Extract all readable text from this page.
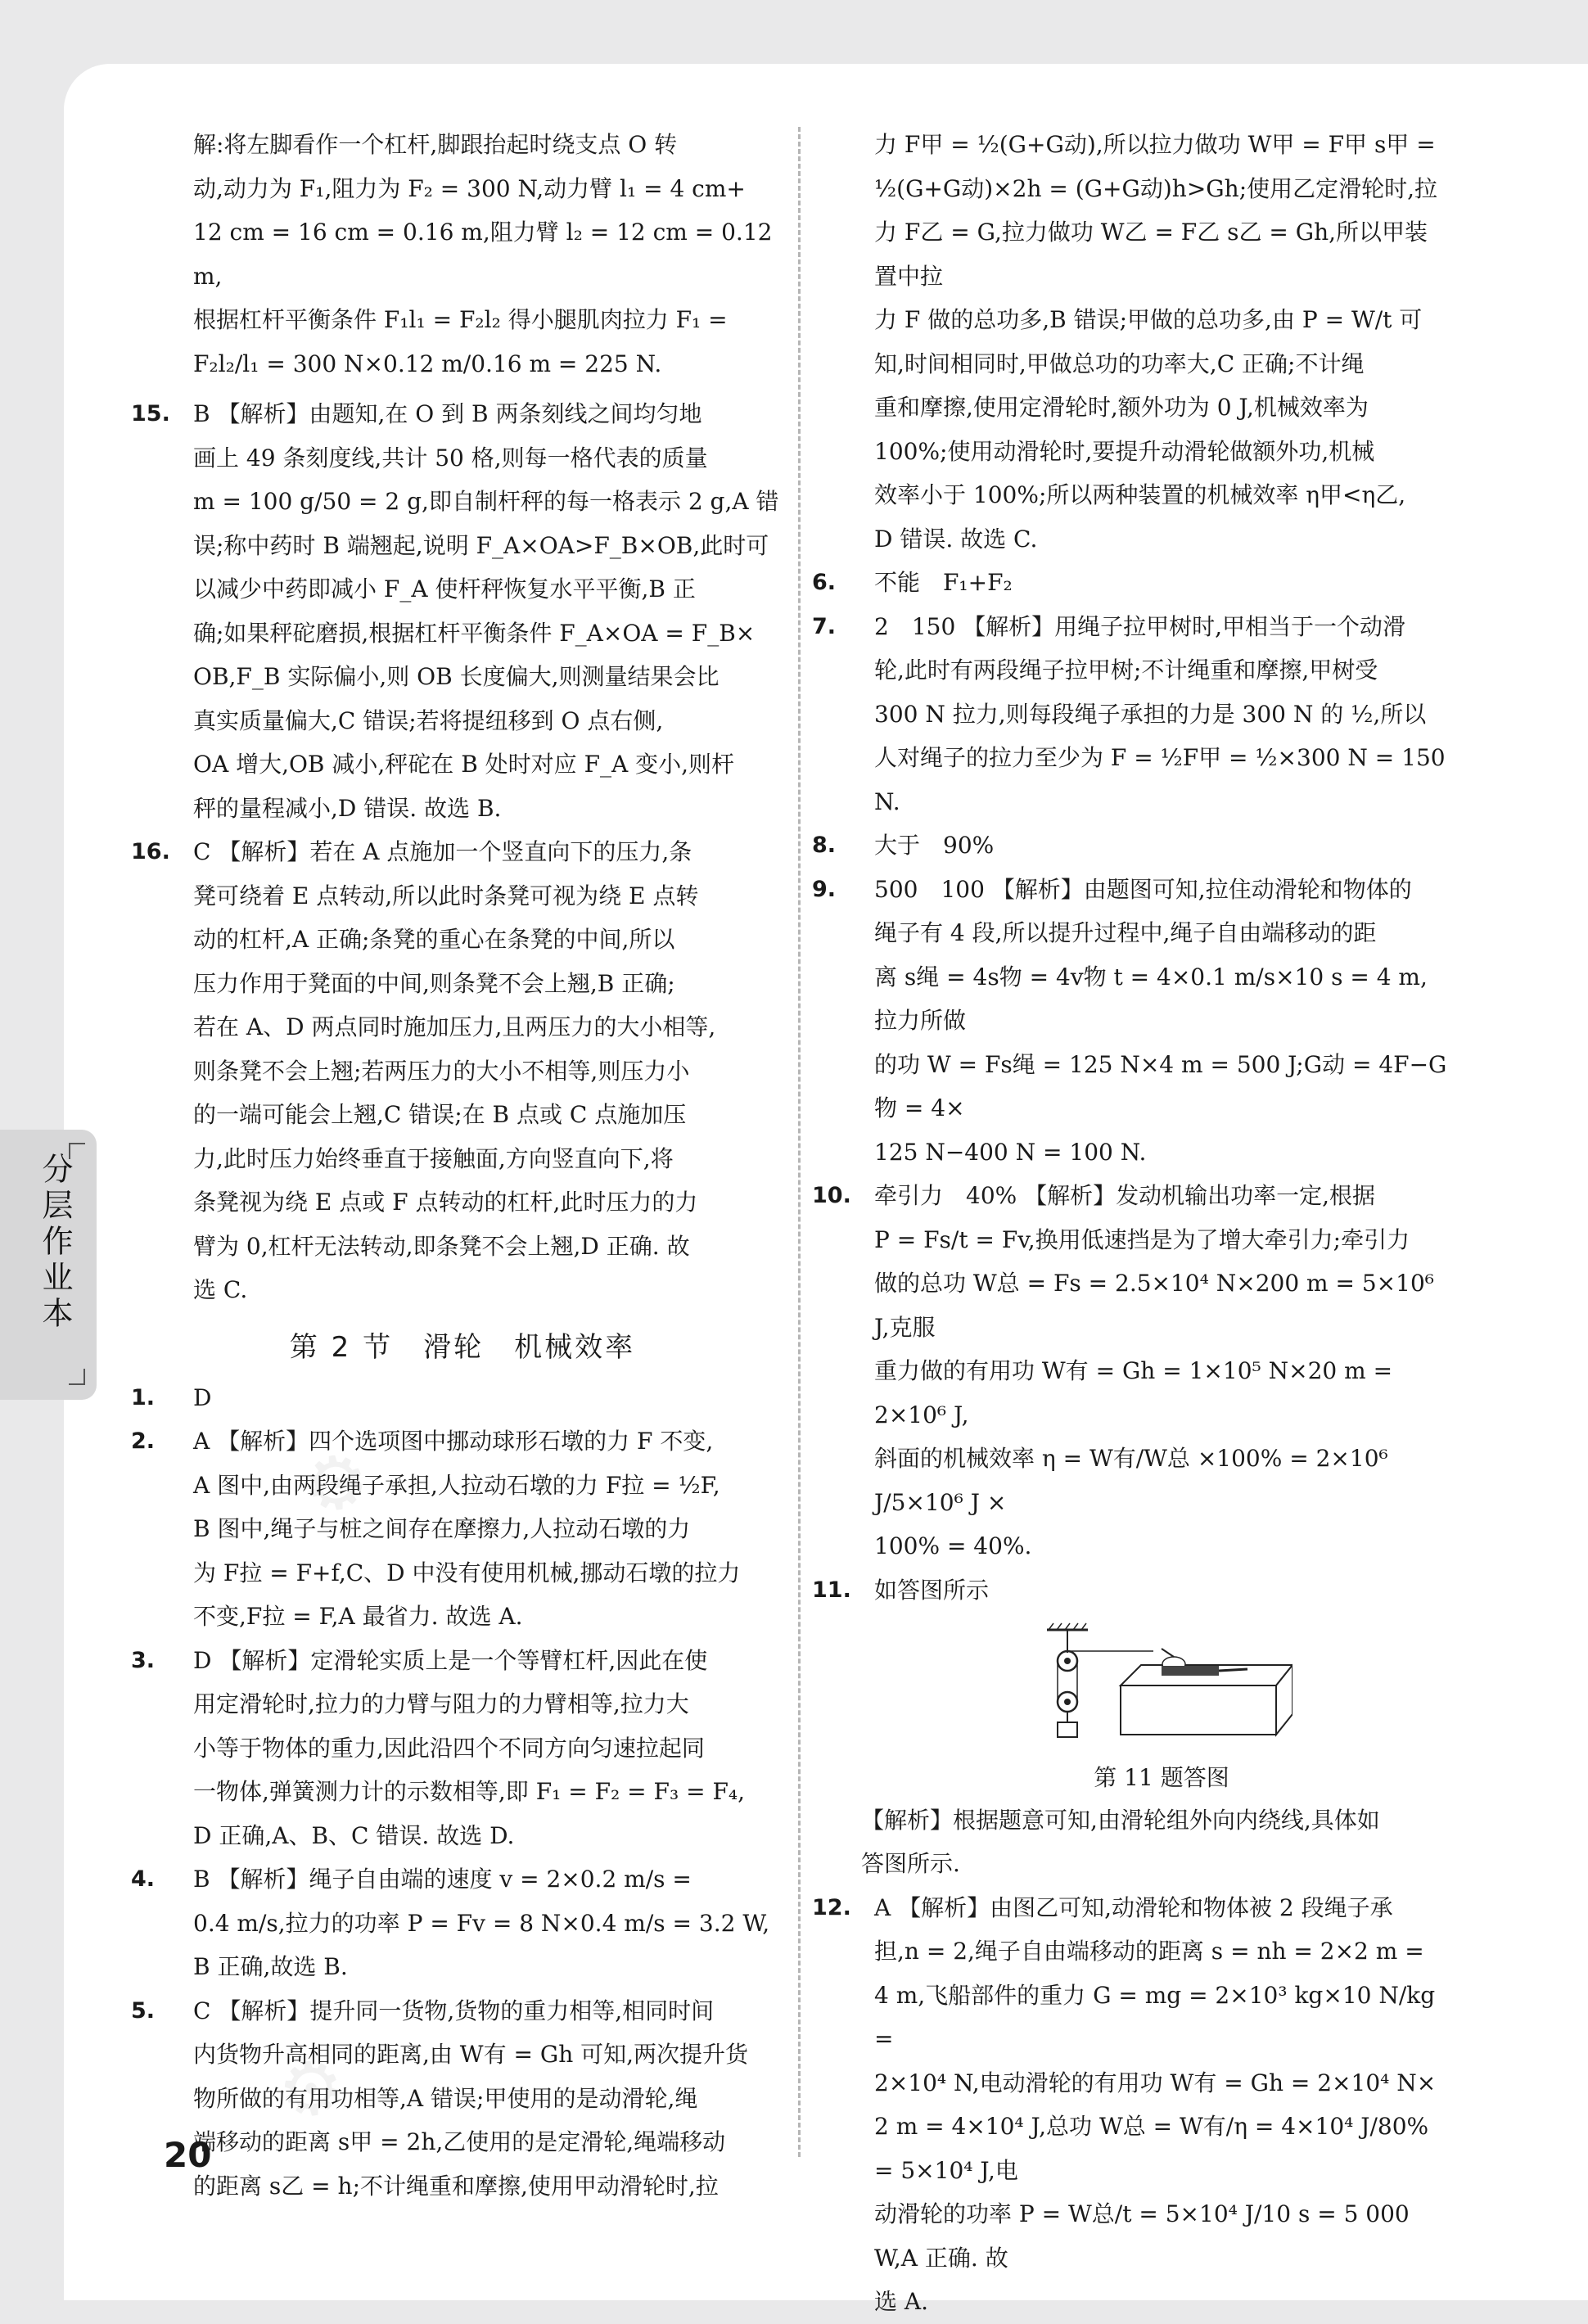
⚙
⚙
分层作业本
解:将左脚看作一个杠杆,脚跟抬起时绕支点 O 转
动,动力为 F₁,阻力为 F₂ = 300 N,动力臂 l₁ = 4 cm+
12 cm = 16 cm = 0.16 m,阻力臂 l₂ = 12 cm = 0.12 m,
根据杠杆平衡条件 F₁l₁ = F₂l₂ 得小腿肌肉拉力 F₁ =
F₂l₂/l₁ = 300 N×0.12 m/0.16 m = 225 N.
15. B 【解析】由题知,在 O 到 B 两条刻线之间均匀地
画上 49 条刻度线,共计 50 格,则每一格代表的质量
m = 100 g/50 = 2 g,即自制杆秤的每一格表示 2 g,A 错
误;称中药时 B 端翘起,说明 F_A×OA>F_B×OB,此时可
以减少中药即减小 F_A 使杆秤恢复水平平衡,B 正
确;如果秤砣磨损,根据杠杆平衡条件 F_A×OA = F_B×
OB,F_B 实际偏小,则 OB 长度偏大,则测量结果会比
真实质量偏大,C 错误;若将提纽移到 O 点右侧,
OA 增大,OB 减小,秤砣在 B 处时对应 F_A 变小,则杆
秤的量程减小,D 错误. 故选 B.
16. C 【解析】若在 A 点施加一个竖直向下的压力,条
凳可绕着 E 点转动,所以此时条凳可视为绕 E 点转
动的杠杆,A 正确;条凳的重心在条凳的中间,所以
压力作用于凳面的中间,则条凳不会上翘,B 正确;
若在 A、D 两点同时施加压力,且两压力的大小相等,
则条凳不会上翘;若两压力的大小不相等,则压力小
的一端可能会上翘,C 错误;在 B 点或 C 点施加压
力,此时压力始终垂直于接触面,方向竖直向下,将
条凳视为绕 E 点或 F 点转动的杠杆,此时压力的力
臂为 0,杠杆无法转动,即条凳不会上翘,D 正确. 故
选 C.
第 2 节　滑轮　机械效率
1. D
2. A 【解析】四个选项图中挪动球形石墩的力 F 不变,
A 图中,由两段绳子承担,人拉动石墩的力 F拉 = ½F,
B 图中,绳子与桩之间存在摩擦力,人拉动石墩的力
为 F拉 = F+f,C、D 中没有使用机械,挪动石墩的拉力
不变,F拉 = F,A 最省力. 故选 A.
3. D 【解析】定滑轮实质上是一个等臂杠杆,因此在使
用定滑轮时,拉力的力臂与阻力的力臂相等,拉力大
小等于物体的重力,因此沿四个不同方向匀速拉起同
一物体,弹簧测力计的示数相等,即 F₁ = F₂ = F₃ = F₄,
D 正确,A、B、C 错误. 故选 D.
4. B 【解析】绳子自由端的速度 v = 2×0.2 m/s =
0.4 m/s,拉力的功率 P = Fv = 8 N×0.4 m/s = 3.2 W,
B 正确,故选 B.
5. C 【解析】提升同一货物,货物的重力相等,相同时间
内货物升高相同的距离,由 W有 = Gh 可知,两次提升货
物所做的有用功相等,A 错误;甲使用的是动滑轮,绳
端移动的距离 s甲 = 2h,乙使用的是定滑轮,绳端移动
的距离 s乙 = h;不计绳重和摩擦,使用甲动滑轮时,拉
力 F甲 = ½(G+G动),所以拉力做功 W甲 = F甲 s甲 =
½(G+G动)×2h = (G+G动)h>Gh;使用乙定滑轮时,拉
力 F乙 = G,拉力做功 W乙 = F乙 s乙 = Gh,所以甲装置中拉
力 F 做的总功多,B 错误;甲做的总功多,由 P = W/t 可
知,时间相同时,甲做总功的功率大,C 正确;不计绳
重和摩擦,使用定滑轮时,额外功为 0 J,机械效率为
100%;使用动滑轮时,要提升动滑轮做额外功,机械
效率小于 100%;所以两种装置的机械效率 η甲<η乙,
D 错误. 故选 C.
6. 不能　F₁+F₂
7. 2　150 【解析】用绳子拉甲树时,甲相当于一个动滑
轮,此时有两段绳子拉甲树;不计绳重和摩擦,甲树受
300 N 拉力,则每段绳子承担的力是 300 N 的 ½,所以
人对绳子的拉力至少为 F = ½F甲 = ½×300 N = 150 N.
8. 大于　90%
9. 500　100 【解析】由题图可知,拉住动滑轮和物体的
绳子有 4 段,所以提升过程中,绳子自由端移动的距
离 s绳 = 4s物 = 4v物 t = 4×0.1 m/s×10 s = 4 m,拉力所做
的功 W = Fs绳 = 125 N×4 m = 500 J;G动 = 4F−G物 = 4×
125 N−400 N = 100 N.
10. 牵引力　40% 【解析】发动机输出功率一定,根据
P = Fs/t = Fv,换用低速挡是为了增大牵引力;牵引力
做的总功 W总 = Fs = 2.5×10⁴ N×200 m = 5×10⁶ J,克服
重力做的有用功 W有 = Gh = 1×10⁵ N×20 m = 2×10⁶ J,
斜面的机械效率 η = W有/W总 ×100% = 2×10⁶ J/5×10⁶ J ×
100% = 40%.
11. 如答图所示
第 11 题答图
【解析】根据题意可知,由滑轮组外向内绕线,具体如
答图所示.
12. A 【解析】由图乙可知,动滑轮和物体被 2 段绳子承
担,n = 2,绳子自由端移动的距离 s = nh = 2×2 m =
4 m,飞船部件的重力 G = mg = 2×10³ kg×10 N/kg =
2×10⁴ N,电动滑轮的有用功 W有 = Gh = 2×10⁴ N×
2 m = 4×10⁴ J,总功 W总 = W有/η = 4×10⁴ J/80% = 5×10⁴ J,电
动滑轮的功率 P = W总/t = 5×10⁴ J/10 s = 5 000 W,A 正确. 故
选 A.
20
